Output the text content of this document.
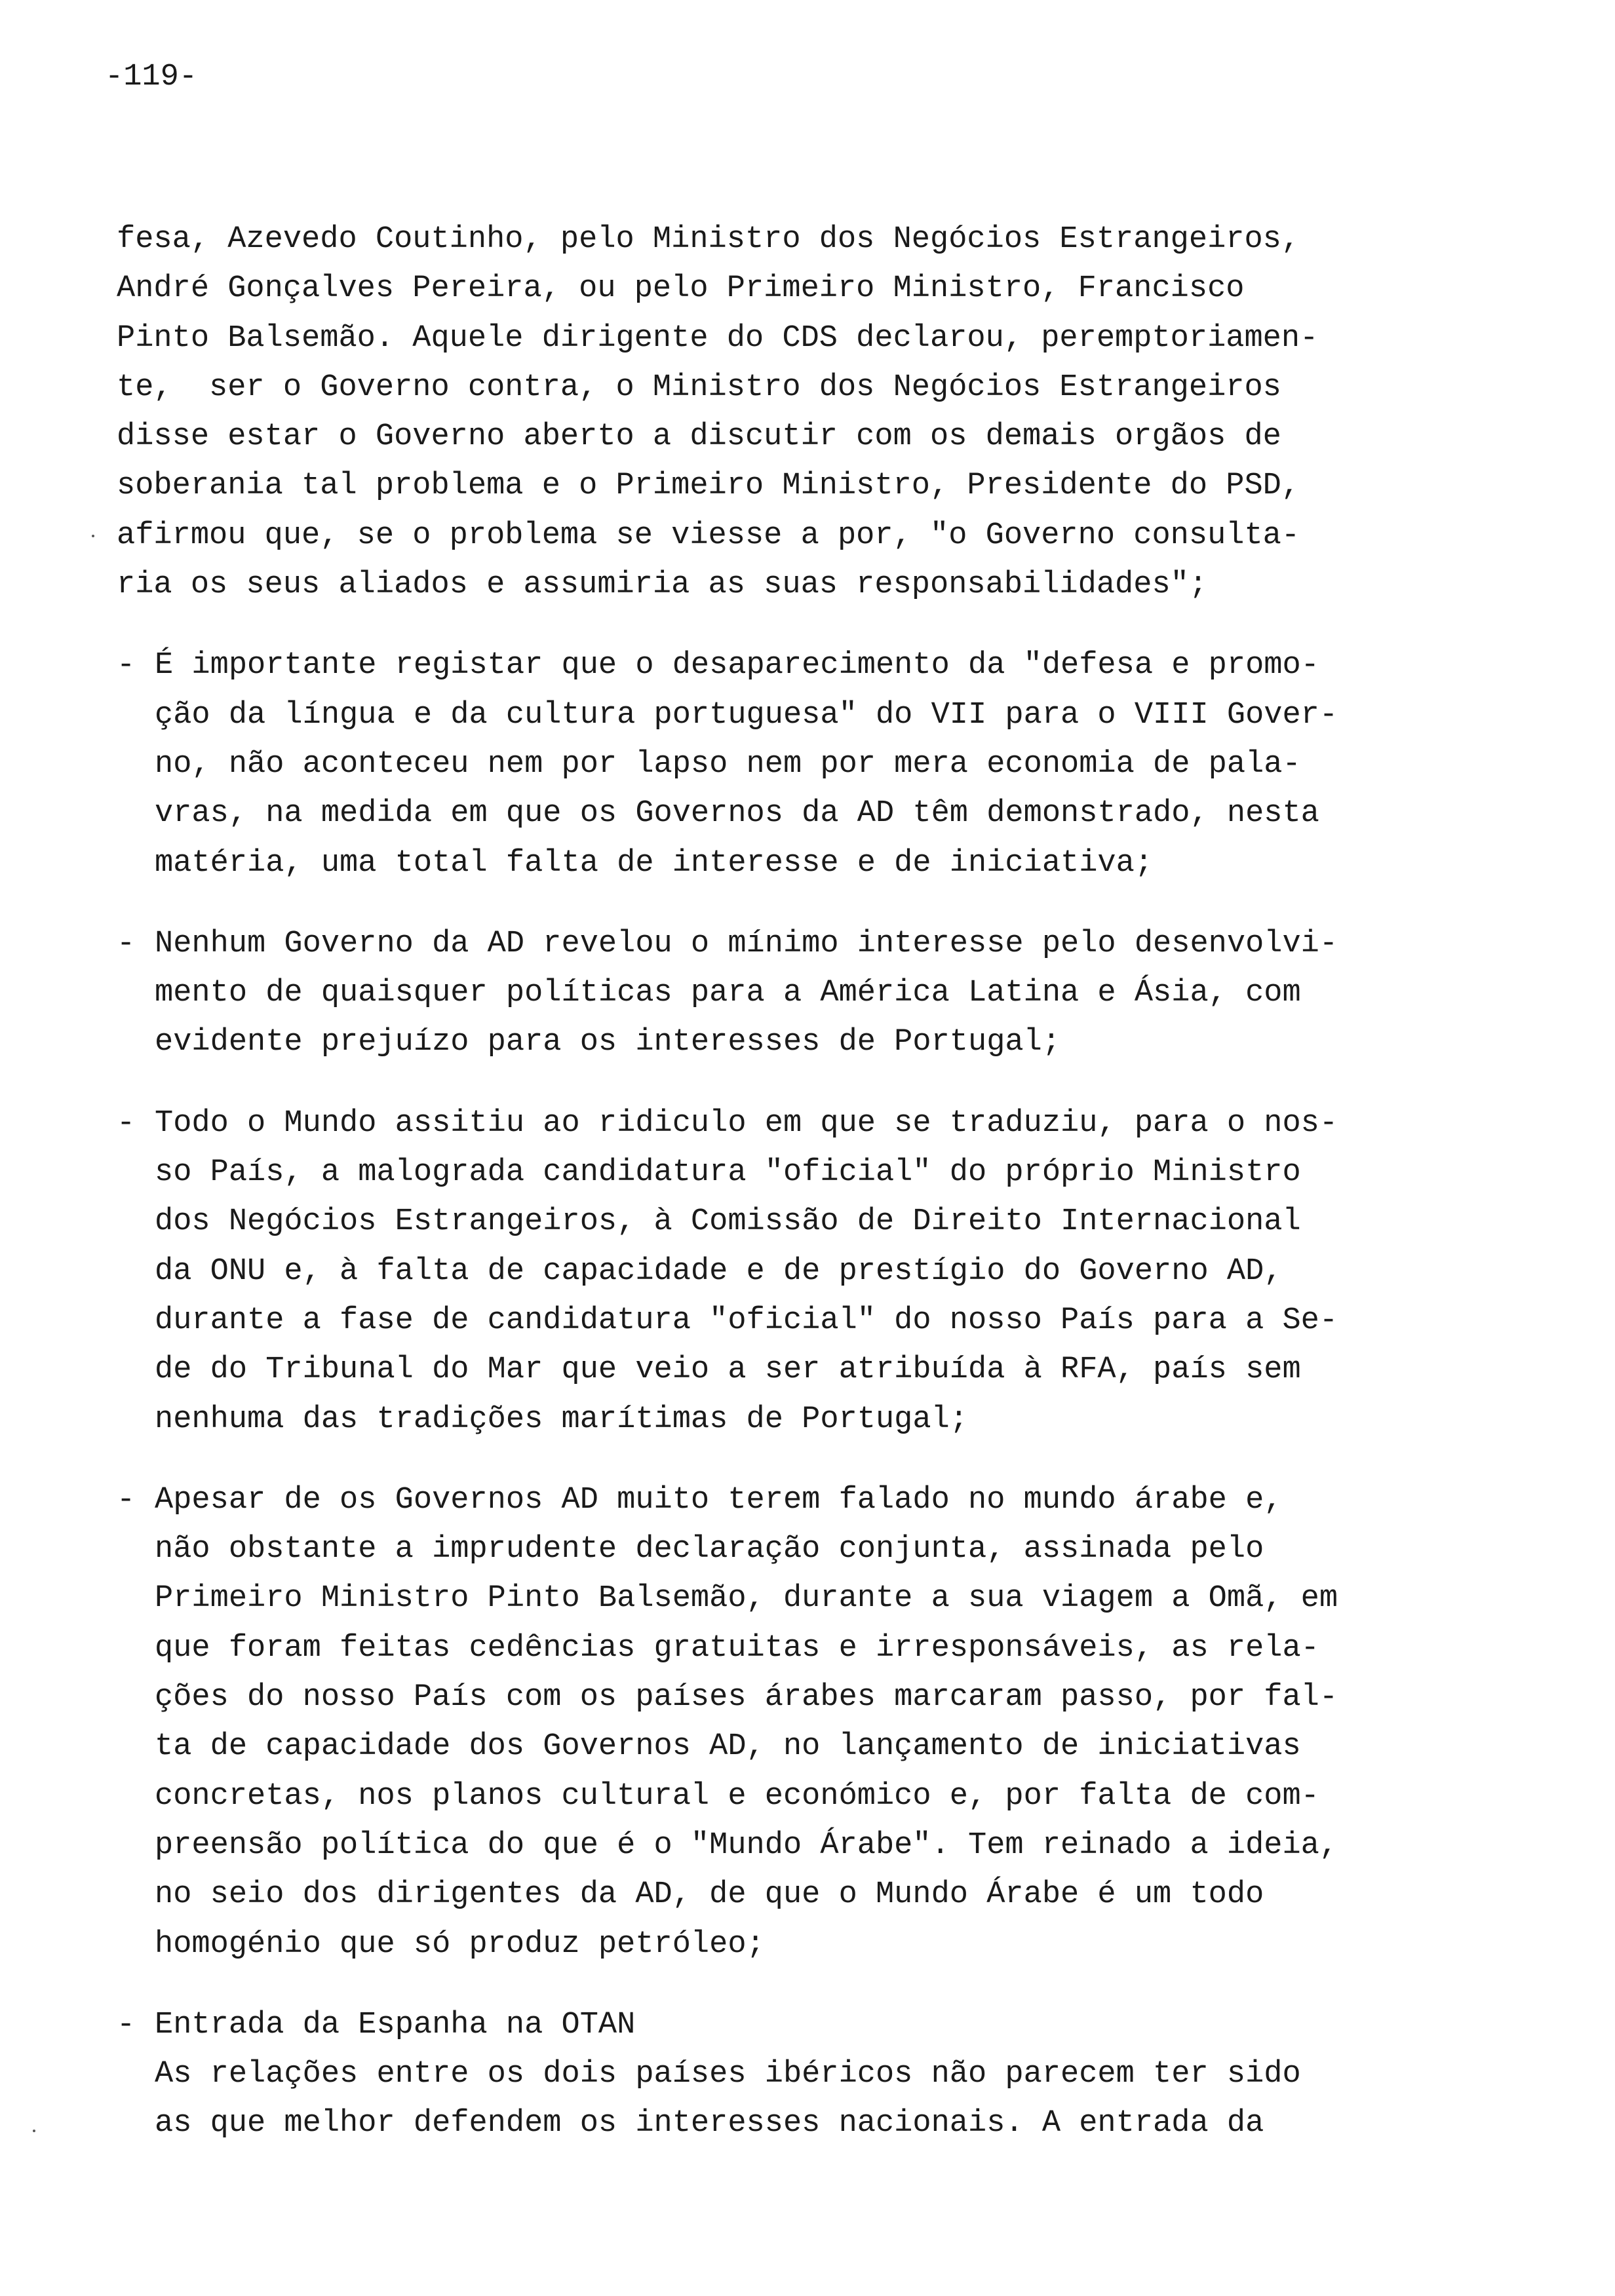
-119-
fesa, Azevedo Coutinho, pelo Ministro dos Negócios Estrangeiros,
André Gonçalves Pereira, ou pelo Primeiro Ministro, Francisco
Pinto Balsemão. Aquele dirigente do CDS declarou, peremptoriamen-
te,  ser o Governo contra, o Ministro dos Negócios Estrangeiros
disse estar o Governo aberto a discutir com os demais orgãos de
soberania tal problema e o Primeiro Ministro, Presidente do PSD,
afirmou que, se o problema se viesse a por, "o Governo consulta-
ria os seus aliados e assumiria as suas responsabilidades";
- É importante registar que o desaparecimento da "defesa e promo-
ção da língua e da cultura portuguesa" do VII para o VIII Gover-
no, não aconteceu nem por lapso nem por mera economia de pala-
vras, na medida em que os Governos da AD têm demonstrado, nesta
matéria, uma total falta de interesse e de iniciativa;
- Nenhum Governo da AD revelou o mínimo interesse pelo desenvolvi-
mento de quaisquer políticas para a América Latina e Ásia, com
evidente prejuízo para os interesses de Portugal;
- Todo o Mundo assitiu ao ridiculo em que se traduziu, para o nos-
so País, a malograda candidatura "oficial" do próprio Ministro
dos Negócios Estrangeiros, à Comissão de Direito Internacional
da ONU e, à falta de capacidade e de prestígio do Governo AD,
durante a fase de candidatura "oficial" do nosso País para a Se-
de do Tribunal do Mar que veio a ser atribuída à RFA, país sem
nenhuma das tradições marítimas de Portugal;
- Apesar de os Governos AD muito terem falado no mundo árabe e,
não obstante a imprudente declaração conjunta, assinada pelo
Primeiro Ministro Pinto Balsemão, durante a sua viagem a Omã, em
que foram feitas cedências gratuitas e irresponsáveis, as rela-
ções do nosso País com os países árabes marcaram passo, por fal-
ta de capacidade dos Governos AD, no lançamento de iniciativas
concretas, nos planos cultural e económico e, por falta de com-
preensão política do que é o "Mundo Árabe". Tem reinado a ideia,
no seio dos dirigentes da AD, de que o Mundo Árabe é um todo
homogénio que só produz petróleo;
- Entrada da Espanha na OTAN
As relações entre os dois países ibéricos não parecem ter sido
as que melhor defendem os interesses nacionais. A entrada da
